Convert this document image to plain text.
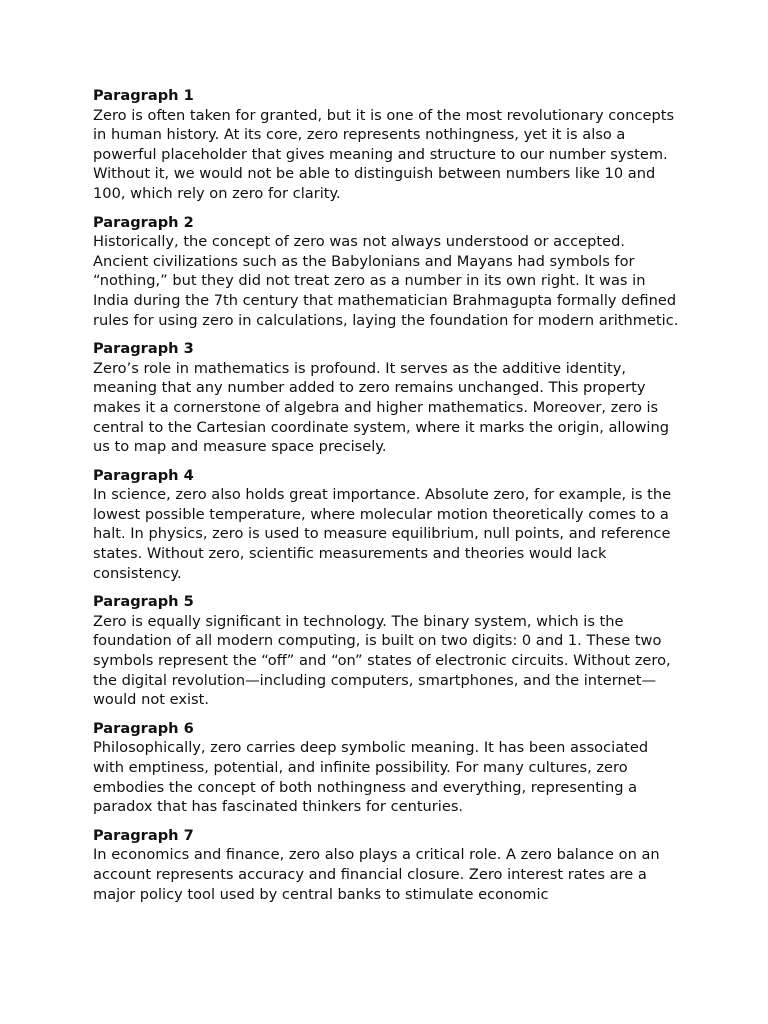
Paragraph 1
Zero is often taken for granted, but it is one of the most revolutionary concepts in human history. At its core, zero represents nothingness, yet it is also a powerful placeholder that gives meaning and structure to our number system. Without it, we would not be able to distinguish between numbers like 10 and 100, which rely on zero for clarity.
Paragraph 2
Historically, the concept of zero was not always understood or accepted. Ancient civilizations such as the Babylonians and Mayans had symbols for “nothing,” but they did not treat zero as a number in its own right. It was in India during the 7th century that mathematician Brahmagupta formally defined rules for using zero in calculations, laying the foundation for modern arithmetic.
Paragraph 3
Zero’s role in mathematics is profound. It serves as the additive identity, meaning that any number added to zero remains unchanged. This property makes it a cornerstone of algebra and higher mathematics. Moreover, zero is central to the Cartesian coordinate system, where it marks the origin, allowing us to map and measure space precisely.
Paragraph 4
In science, zero also holds great importance. Absolute zero, for example, is the lowest possible temperature, where molecular motion theoretically comes to a halt. In physics, zero is used to measure equilibrium, null points, and reference states. Without zero, scientific measurements and theories would lack consistency.
Paragraph 5
Zero is equally significant in technology. The binary system, which is the foundation of all modern computing, is built on two digits: 0 and 1. These two symbols represent the “off” and “on” states of electronic circuits. Without zero, the digital revolution—including computers, smartphones, and the internet—would not exist.
Paragraph 6
Philosophically, zero carries deep symbolic meaning. It has been associated with emptiness, potential, and infinite possibility. For many cultures, zero embodies the concept of both nothingness and everything, representing a paradox that has fascinated thinkers for centuries.
Paragraph 7
In economics and finance, zero also plays a critical role. A zero balance on an account represents accuracy and financial closure. Zero interest rates are a major policy tool used by central banks to stimulate economic
